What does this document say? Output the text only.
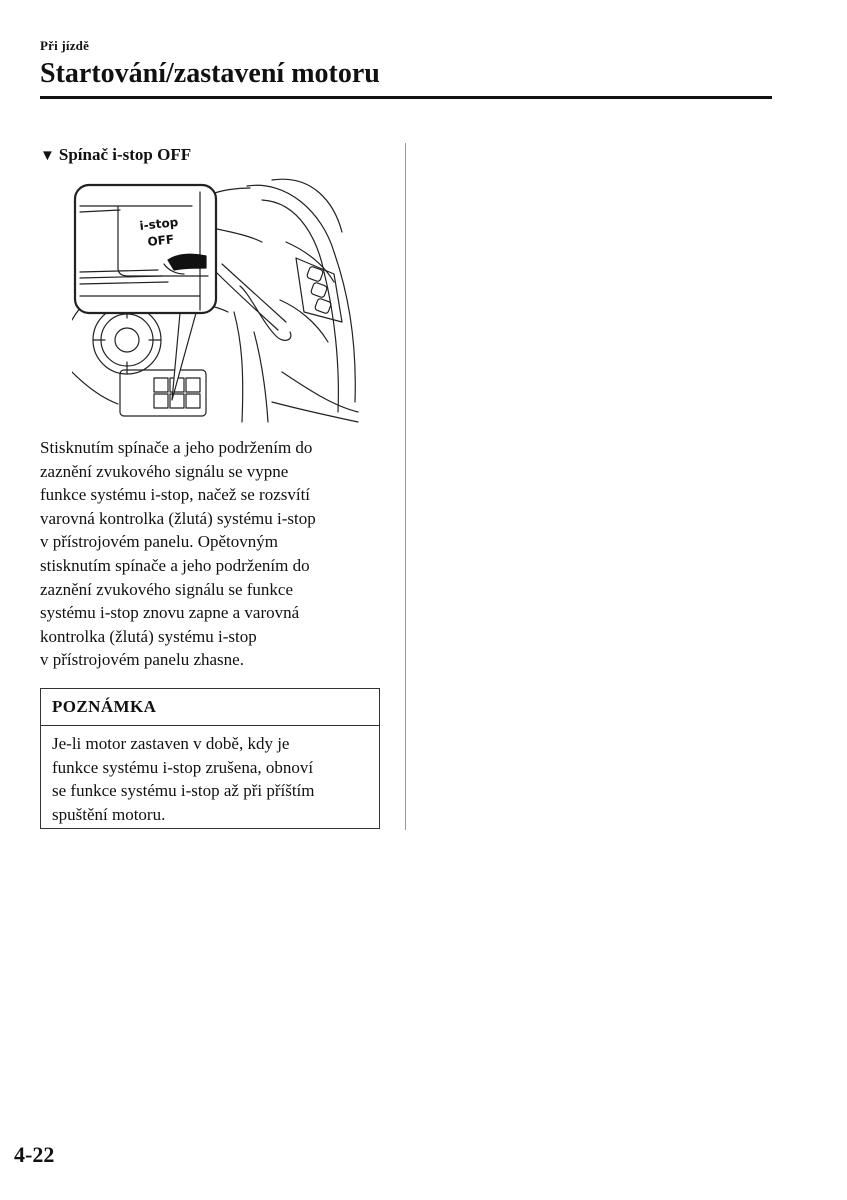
Při jízdě
Startování/zastavení motoru
▼ Spínač i-stop OFF
i-stop
OFF

Stisknutím spínače a jeho podržením do
zaznění zvukového signálu se vypne
funkce systému i-stop, načež se rozsvítí
varovná kontrolka (žlutá) systému i-stop
v přístrojovém panelu. Opětovným
stisknutím spínače a jeho podržením do
zaznění zvukového signálu se funkce
systému i-stop znovu zapne a varovná
kontrolka (žlutá) systému i-stop
v přístrojovém panelu zhasne.

POZNÁMKA
Je-li motor zastaven v době, kdy je
funkce systému i-stop zrušena, obnoví
se funkce systému i-stop až při příštím
spuštění motoru.
4-22
